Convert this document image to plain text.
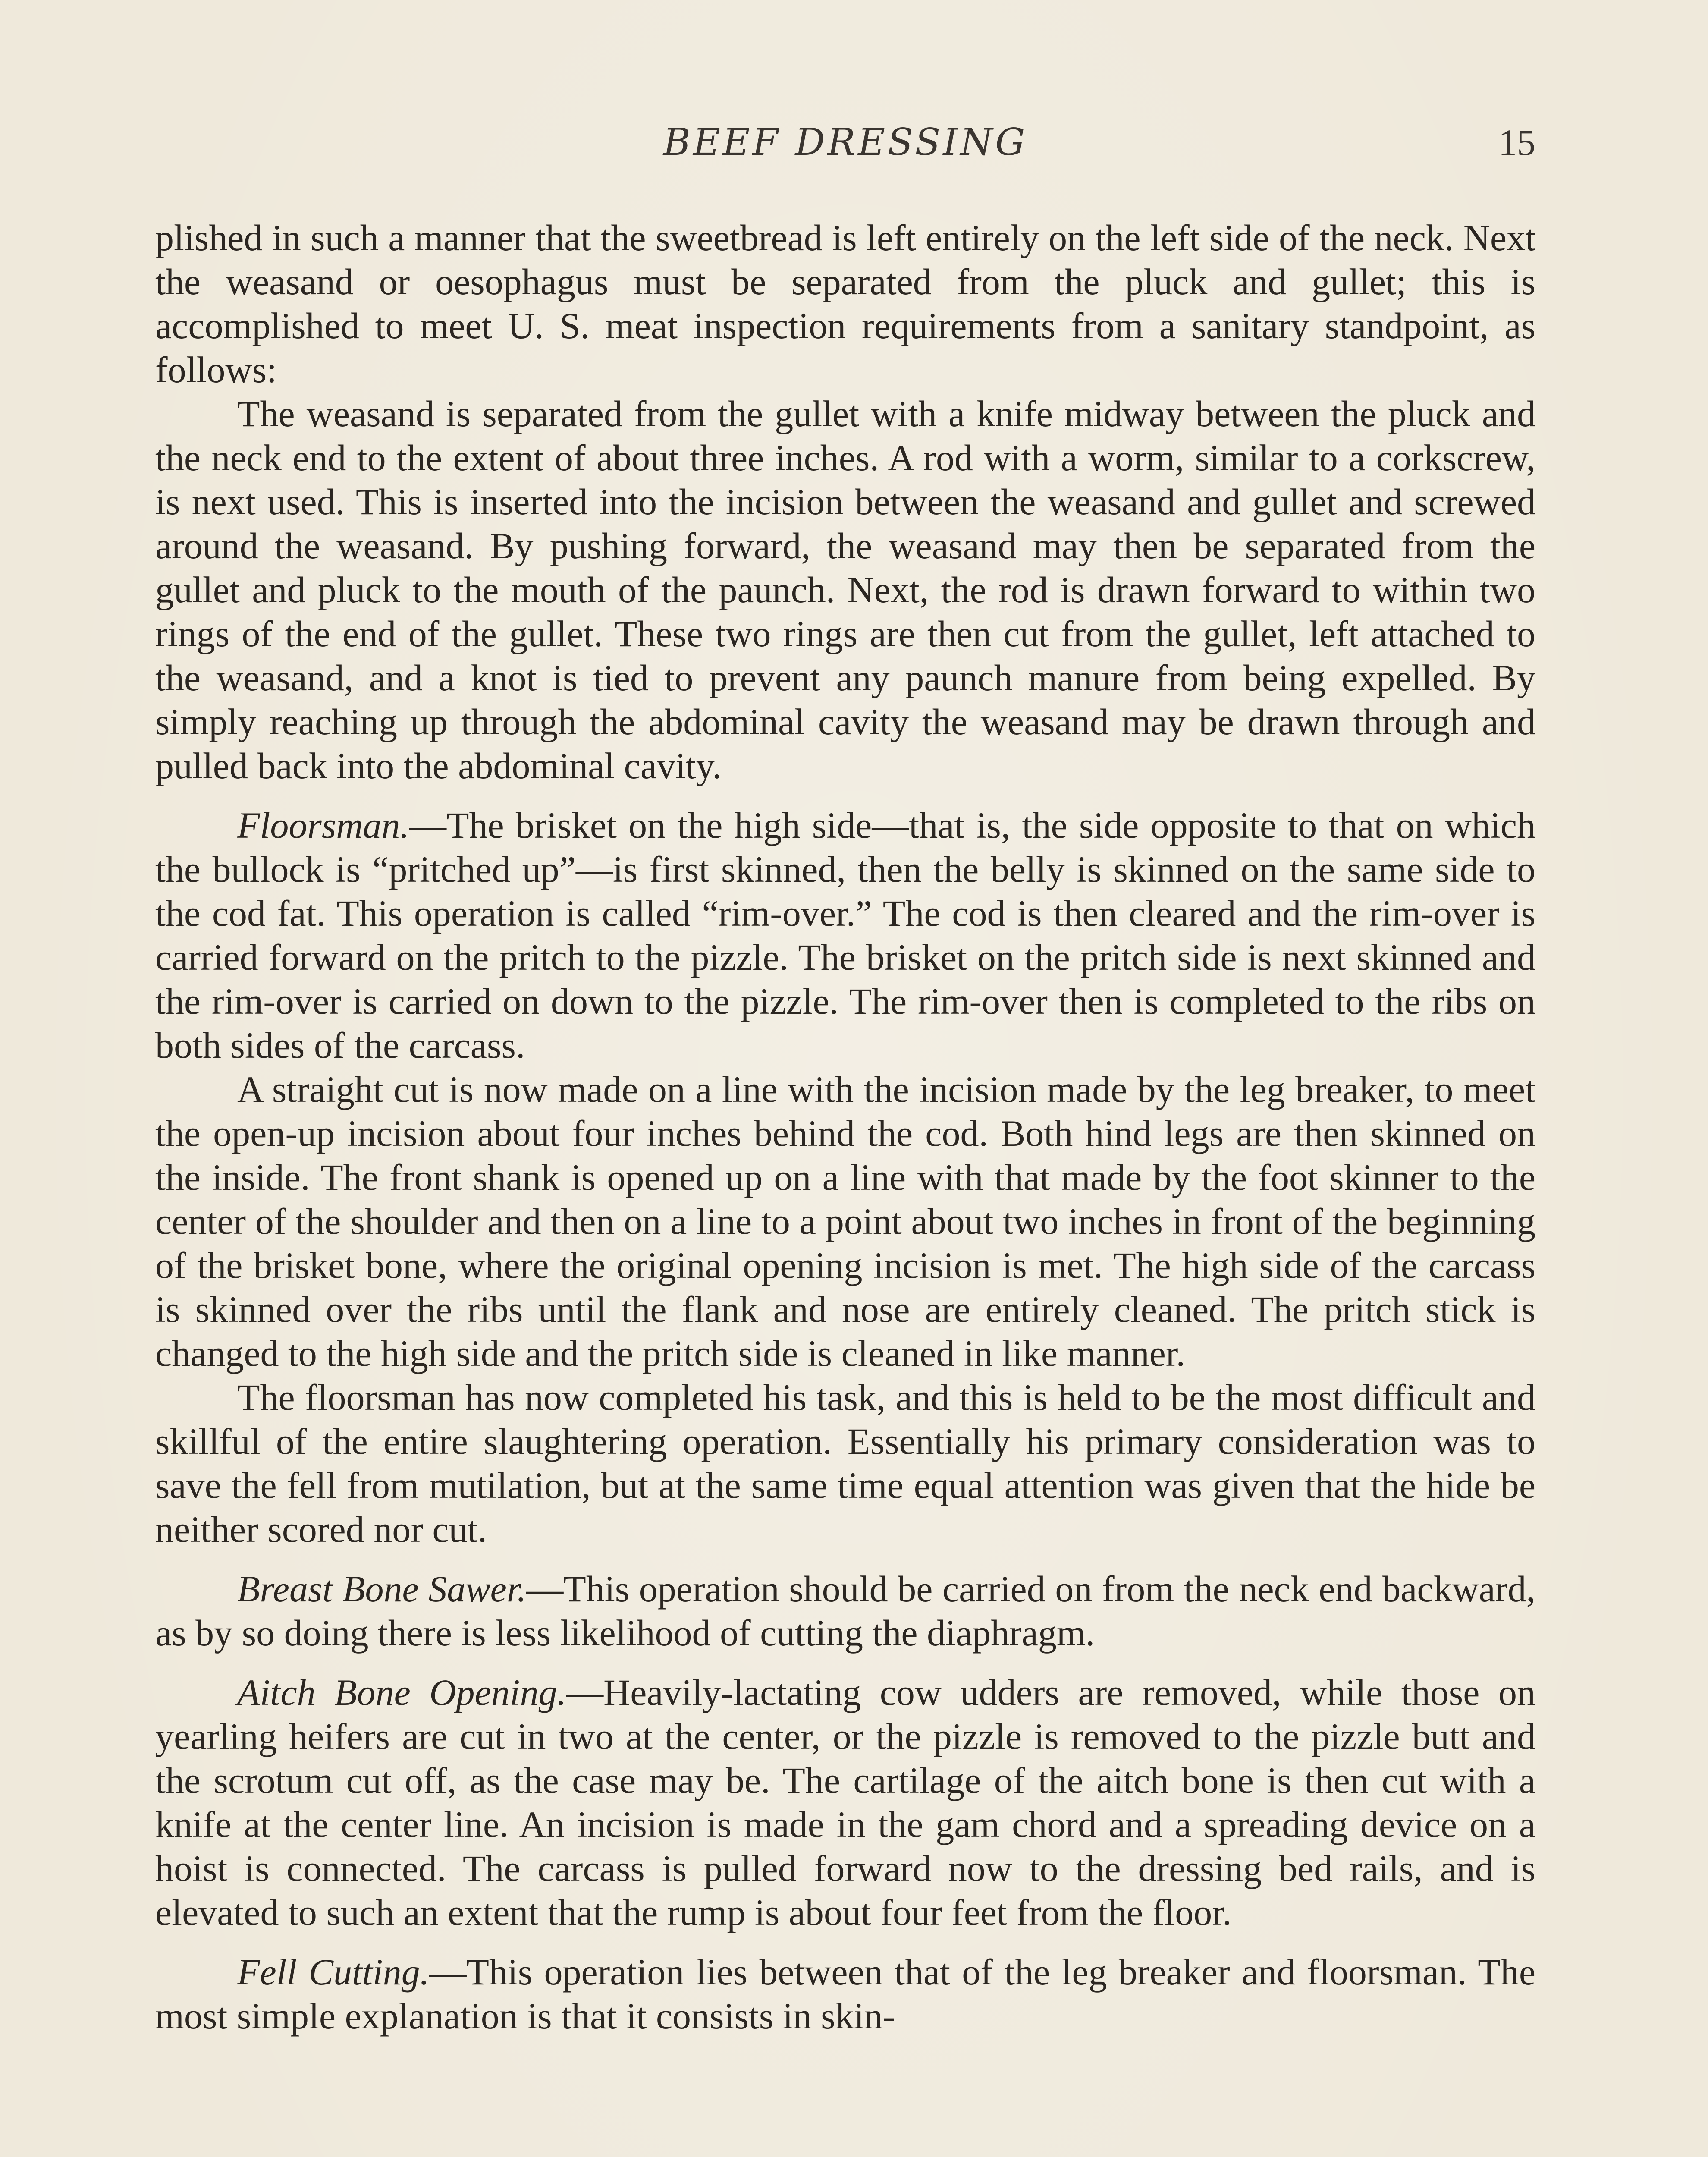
BEEF DRESSING	15

plished in such a manner that the sweetbread is left entirely on the left side of the neck. Next the weasand or oesophagus must be separated from the pluck and gullet; this is accomplished to meet U. S. meat inspection requirements from a sanitary standpoint, as follows:

The weasand is separated from the gullet with a knife midway between the pluck and the neck end to the extent of about three inches. A rod with a worm, similar to a corkscrew, is next used. This is inserted into the incision between the weasand and gullet and screwed around the weasand. By pushing forward, the weasand may then be separated from the gullet and pluck to the mouth of the paunch. Next, the rod is drawn forward to within two rings of the end of the gullet. These two rings are then cut from the gullet, left attached to the weasand, and a knot is tied to prevent any paunch manure from being expelled. By simply reaching up through the abdominal cavity the weasand may be drawn through and pulled back into the abdominal cavity.

Floorsman.—The brisket on the high side—that is, the side opposite to that on which the bullock is “pritched up”—is first skinned, then the belly is skinned on the same side to the cod fat. This operation is called “rim-over.” The cod is then cleared and the rim-over is carried forward on the pritch to the pizzle. The brisket on the pritch side is next skinned and the rim-over is carried on down to the pizzle. The rim-over then is completed to the ribs on both sides of the carcass.

A straight cut is now made on a line with the incision made by the leg breaker, to meet the open-up incision about four inches behind the cod. Both hind legs are then skinned on the inside. The front shank is opened up on a line with that made by the foot skinner to the center of the shoulder and then on a line to a point about two inches in front of the beginning of the brisket bone, where the original opening incision is met. The high side of the carcass is skinned over the ribs until the flank and nose are entirely cleaned. The pritch stick is changed to the high side and the pritch side is cleaned in like manner.

The floorsman has now completed his task, and this is held to be the most difficult and skillful of the entire slaughtering operation. Essentially his primary consideration was to save the fell from mutilation, but at the same time equal attention was given that the hide be neither scored nor cut.

Breast Bone Sawer.—This operation should be carried on from the neck end backward, as by so doing there is less likelihood of cutting the diaphragm.

Aitch Bone Opening.—Heavily-lactating cow udders are removed, while those on yearling heifers are cut in two at the center, or the pizzle is removed to the pizzle butt and the scrotum cut off, as the case may be. The cartilage of the aitch bone is then cut with a knife at the center line. An incision is made in the gam chord and a spreading device on a hoist is connected. The carcass is pulled forward now to the dressing bed rails, and is elevated to such an extent that the rump is about four feet from the floor.

Fell Cutting.—This operation lies between that of the leg breaker and floorsman. The most simple explanation is that it consists in skin-
